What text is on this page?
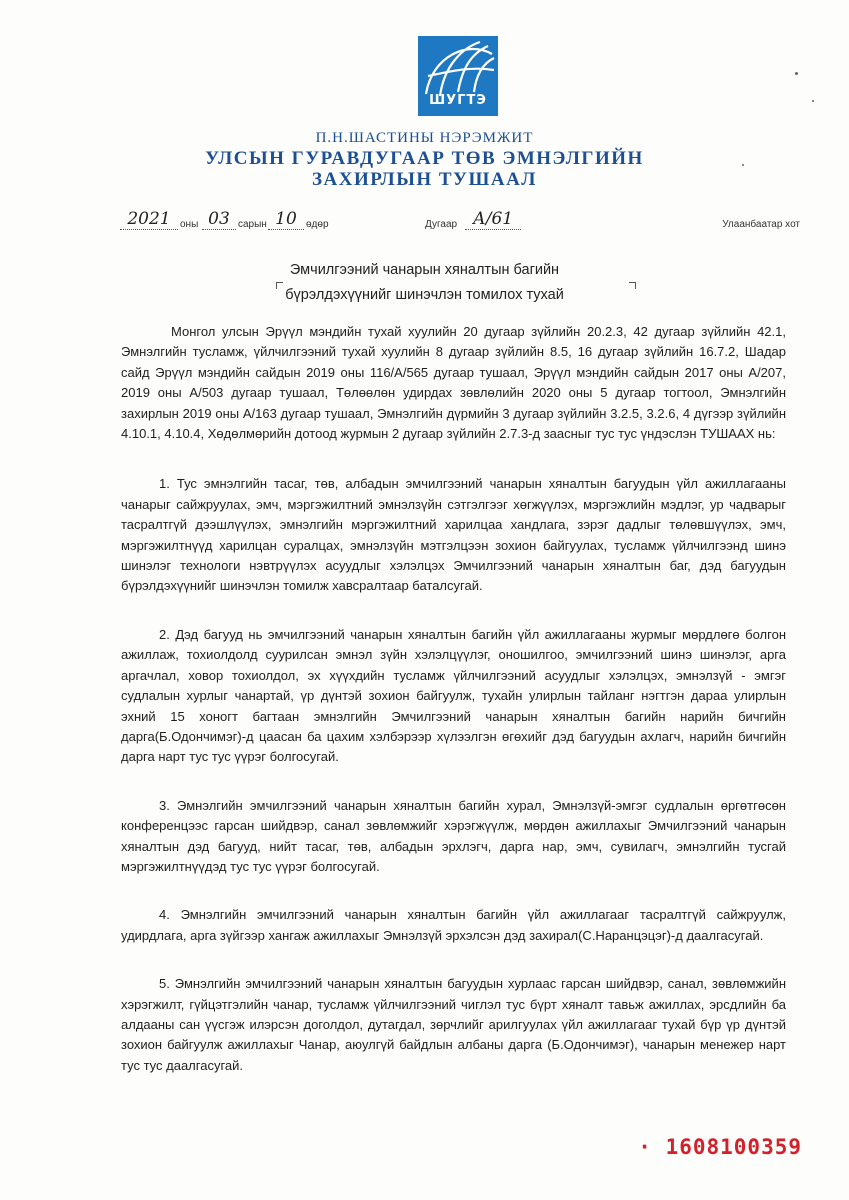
ШУГТЭ
П.Н.ШАСТИНЫ НЭРЭМЖИТ
УЛСЫН ГУРАВДУГААР ТӨВ ЭМНЭЛГИЙН
ЗАХИРЛЫН ТУШААЛ
2021 оны 03 сарын 10 өдөр	Дугаар А/61	Улаанбаатар хот
Эмчилгээний чанарын хяналтын багийн
бүрэлдэхүүнийг шинэчлэн томилох тухай

Монгол улсын Эрүүл мэндийн тухай хуулийн 20 дугаар зүйлийн 20.2.3, 42 дугаар зүйлийн 42.1, Эмнэлгийн тусламж, үйлчилгээний тухай хуулийн 8 дугаар зүйлийн 8.5, 16 дугаар зүйлийн 16.7.2, Шадар сайд Эрүүл мэндийн сайдын 2019 оны 116/А/565 дугаар тушаал, Эрүүл мэндийн сайдын 2017 оны А/207, 2019 оны А/503 дугаар тушаал, Төлөөлөн удирдах зөвлөлийн 2020 оны 5 дугаар тогтоол, Эмнэлгийн захирлын 2019 оны А/163 дугаар тушаал, Эмнэлгийн дүрмийн 3 дугаар зүйлийн 3.2.5, 3.2.6, 4 дүгээр зүйлийн 4.10.1, 4.10.4, Хөдөлмөрийн дотоод журмын 2 дугаар зүйлийн 2.7.3-д заасныг тус тус үндэслэн ТУШААХ нь:

1. Тус эмнэлгийн тасаг, төв, албадын эмчилгээний чанарын хяналтын багуудын үйл ажиллагааны чанарыг сайжруулах, эмч, мэргэжилтний эмнэлзүйн сэтгэлгээг хөгжүүлэх, мэргэжлийн мэдлэг, ур чадварыг тасралтгүй дээшлүүлэх, эмнэлгийн мэргэжилтний харилцаа хандлага, зэрэг дадлыг төлөвшүүлэх, эмч, мэргэжилтнүүд харилцан суралцах, эмнэлзүйн мэтгэлцээн зохион байгуулах, тусламж үйлчилгээнд шинэ шинэлэг технологи нэвтрүүлэх асуудлыг хэлэлцэх Эмчилгээний чанарын хяналтын баг, дэд багуудын бүрэлдэхүүнийг шинэчлэн томилж хавсралтаар баталсугай.

2. Дэд багууд нь эмчилгээний чанарын хяналтын багийн үйл ажиллагааны журмыг мөрдлөгө болгон ажиллаж, тохиолдолд суурилсан эмнэл зүйн хэлэлцүүлэг, оношилгоо, эмчилгээний шинэ шинэлэг, арга аргачлал, ховор тохиолдол, эх хүүхдийн тусламж үйлчилгээний асуудлыг хэлэлцэх, эмнэлзүй - эмгэг судлалын хурлыг чанартай, үр дүнтэй зохион байгуулж, тухайн улирлын тайланг нэгтгэн дараа улирлын эхний 15 хоногт багтаан эмнэлгийн Эмчилгээний чанарын хяналтын багийн нарийн бичгийн дарга(Б.Одончимэг)-д цаасан ба цахим хэлбэрээр хүлээлгэн өгөхийг дэд багуудын ахлагч, нарийн бичгийн дарга нарт тус тус үүрэг болгосугай.

3. Эмнэлгийн эмчилгээний чанарын хяналтын багийн хурал, Эмнэлзүй-эмгэг судлалын өргөтгөсөн конференцээс гарсан шийдвэр, санал зөвлөмжийг хэрэгжүүлж, мөрдөн ажиллахыг Эмчилгээний чанарын хяналтын дэд багууд, нийт тасаг, төв, албадын эрхлэгч, дарга нар, эмч, сувилагч, эмнэлгийн тусгай мэргэжилтнүүдэд тус тус үүрэг болгосугай.

4. Эмнэлгийн эмчилгээний чанарын хяналтын багийн үйл ажиллагааг тасралтгүй сайжруулж, удирдлага, арга зүйгээр хангаж ажиллахыг Эмнэлзүй эрхэлсэн дэд захирал(С.Наранцэцэг)-д даалгасугай.

5. Эмнэлгийн эмчилгээний чанарын хяналтын багуудын хурлаас гарсан шийдвэр, санал, зөвлөмжийн хэрэгжилт, гүйцэтгэлийн чанар, тусламж үйлчилгээний чиглэл тус бүрт хяналт тавьж ажиллах, эрсдлийн ба алдааны сан үүсгэж илэрсэн доголдол, дутагдал, зөрчлийг арилгуулах үйл ажиллагааг тухай бүр үр дүнтэй зохион байгуулж ажиллахыг Чанар, аюулгүй байдлын албаны дарга (Б.Одончимэг), чанарын менежер нарт тус тус даалгасугай.

· 1608100359
